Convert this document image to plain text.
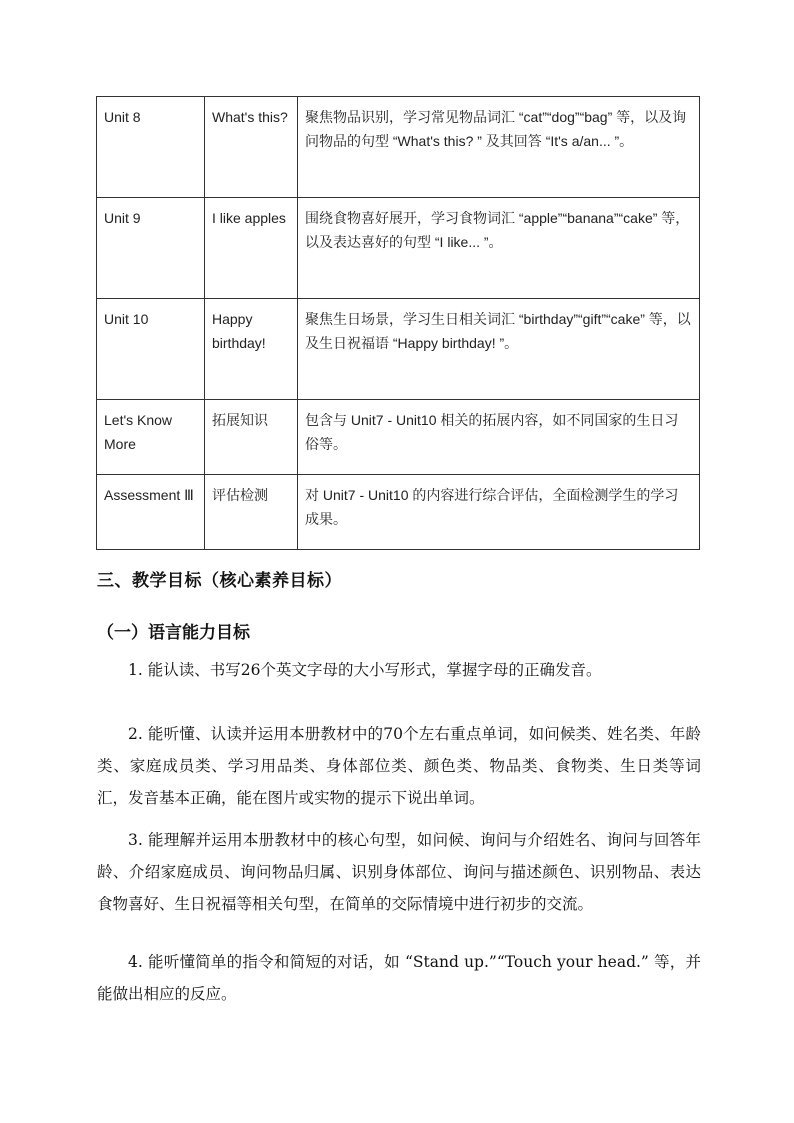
Unit 8	What's this?	聚焦物品识别，学习常见物品词汇 “cat”“dog”“bag” 等，以及询问物品的句型 “What's this? ” 及其回答 “It's a/an... ”。

Unit 9	I like apples	围绕食物喜好展开，学习食物词汇 “apple”“banana”“cake” 等，以及表达喜好的句型 “I like... ”。

Unit 10	Happy birthday!	聚焦生日场景，学习生日相关词汇 “birthday”“gift”“cake” 等，以及生日祝福语 “Happy birthday! ”。

Let's Know More	拓展知识	包含与 Unit7 - Unit10 相关的拓展内容，如不同国家的生日习俗等。

Assessment Ⅲ	评估检测	对 Unit7 - Unit10 的内容进行综合评估，全面检测学生的学习成果。
三、教学目标（核心素养目标）
（一）语言能力目标

1. 能认读、书写26个英文字母的大小写形式，掌握字母的正确发音。

2. 能听懂、认读并运用本册教材中的70个左右重点单词，如问候类、姓名类、年龄类、家庭成员类、学习用品类、身体部位类、颜色类、物品类、食物类、生日类等词汇，发音基本正确，能在图片或实物的提示下说出单词。

3. 能理解并运用本册教材中的核心句型，如问候、询问与介绍姓名、询问与回答年龄、介绍家庭成员、询问物品归属、识别身体部位、询问与描述颜色、识别物品、表达食物喜好、生日祝福等相关句型，在简单的交际情境中进行初步的交流。

4. 能听懂简单的指令和简短的对话，如 “Stand up.”“Touch your head.” 等，并能做出相应的反应。
